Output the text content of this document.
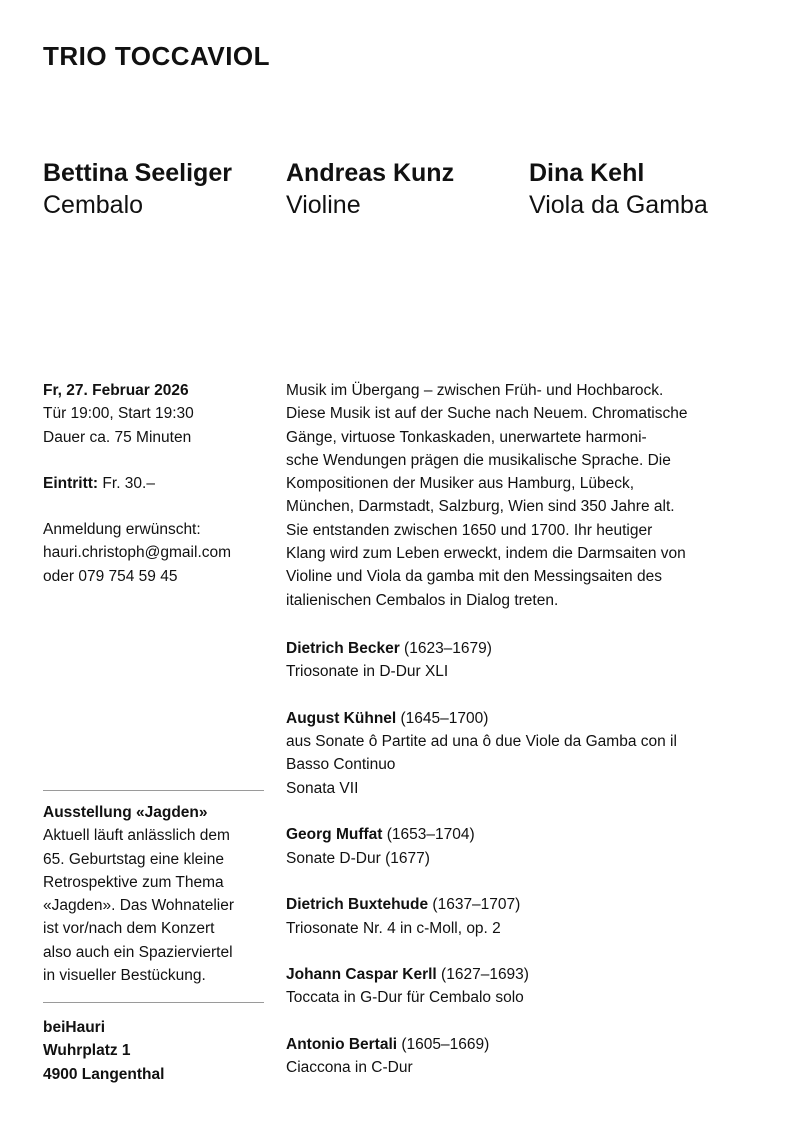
TRIO TOCCAVIOL
Bettina Seeliger
Cembalo
Andreas Kunz
Violine
Dina Kehl
Viola da Gamba

Fr, 27. Februar 2026

Tür 19:00, Start 19:30

Dauer ca. 75 Minuten

Eintritt: Fr. 30.–

Anmeldung erwünscht:

hauri.christoph@gmail.com

oder 079 754 59 45

Ausstellung «Jagden»

Aktuell läuft anlässlich dem

65. Geburtstag eine kleine

Retrospektive zum Thema

«Jagden». Das Wohnatelier

ist vor/nach dem Konzert

also auch ein Spazierviertel

in visueller Bestückung.

beiHauri

Wuhrplatz 1

4900 Langenthal

Musik im Übergang – zwischen Früh- und Hochbarock.

Diese Musik ist auf der Suche nach Neuem. Chromatische

Gänge, virtuose Tonkaskaden, unerwartete harmoni-

sche Wendungen prägen die musikalische Sprache. Die

Kompositionen der Musiker aus Hamburg, Lübeck,

München, Darmstadt, Salzburg, Wien sind 350 Jahre alt.

Sie entstanden zwischen 1650 und 1700. Ihr heutiger

Klang wird zum Leben erweckt, indem die Darmsaiten von

Violine und Viola da gamba mit den Messingsaiten des

italienischen Cembalos in Dialog treten.

Dietrich Becker (1623–1679)

Triosonate in D-Dur XLI

August Kühnel (1645–1700)

aus Sonate ô Partite ad una ô due Viole da Gamba con il

Basso Continuo

Sonata VII

Georg Muffat (1653–1704)

Sonate D-Dur (1677)

Dietrich Buxtehude (1637–1707)

Triosonate Nr. 4 in c-Moll, op. 2

Johann Caspar Kerll (1627–1693)

Toccata in G-Dur für Cembalo solo

Antonio Bertali (1605–1669)

Ciaccona in C-Dur
